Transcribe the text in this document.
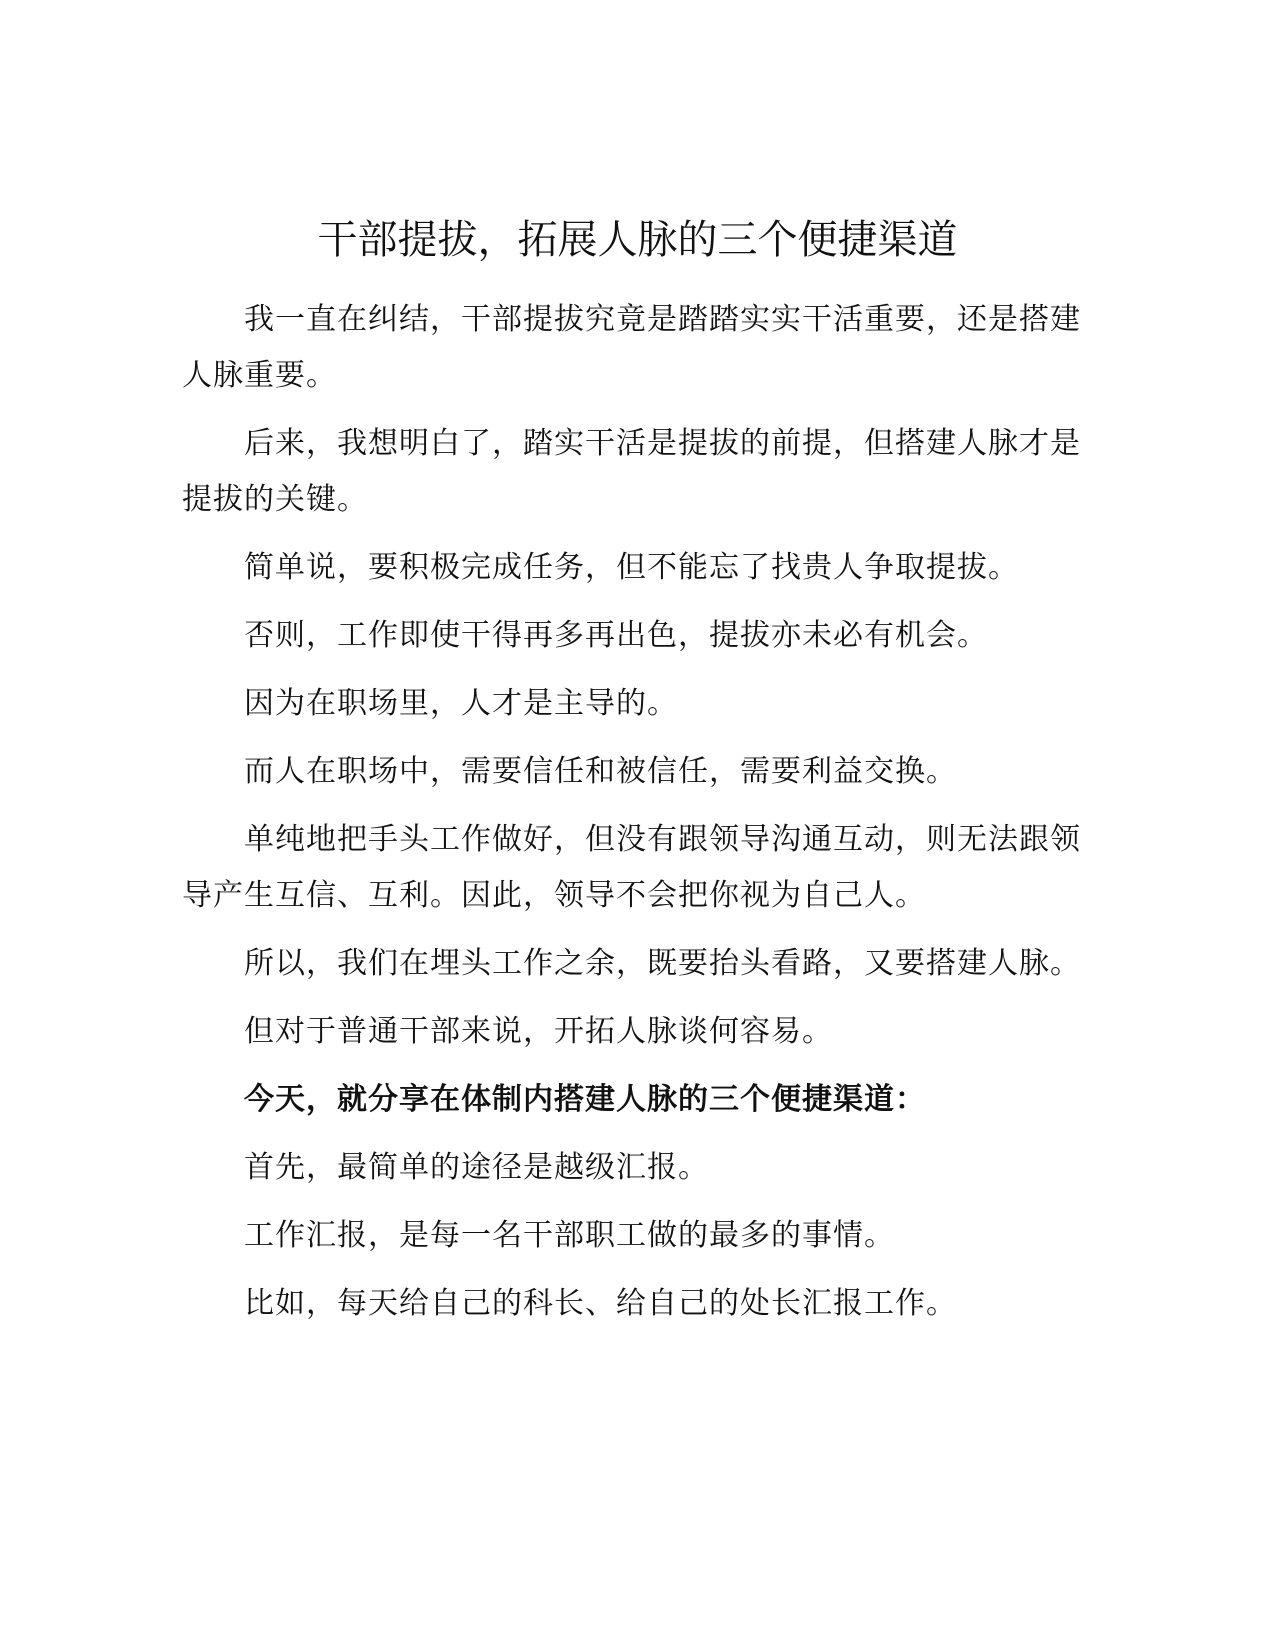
干部提拔，拓展人脉的三个便捷渠道

我一直在纠结，干部提拔究竟是踏踏实实干活重要，还是搭建人脉重要。

后来，我想明白了，踏实干活是提拔的前提，但搭建人脉才是提拔的关键。

简单说，要积极完成任务，但不能忘了找贵人争取提拔。

否则，工作即使干得再多再出色，提拔亦未必有机会。

因为在职场里，人才是主导的。

而人在职场中，需要信任和被信任，需要利益交换。

单纯地把手头工作做好，但没有跟领导沟通互动，则无法跟领导产生互信、互利。因此，领导不会把你视为自己人。

所以，我们在埋头工作之余，既要抬头看路，又要搭建人脉。

但对于普通干部来说，开拓人脉谈何容易。

今天，就分享在体制内搭建人脉的三个便捷渠道：

首先，最简单的途径是越级汇报。

工作汇报，是每一名干部职工做的最多的事情。

比如，每天给自己的科长、给自己的处长汇报工作。
